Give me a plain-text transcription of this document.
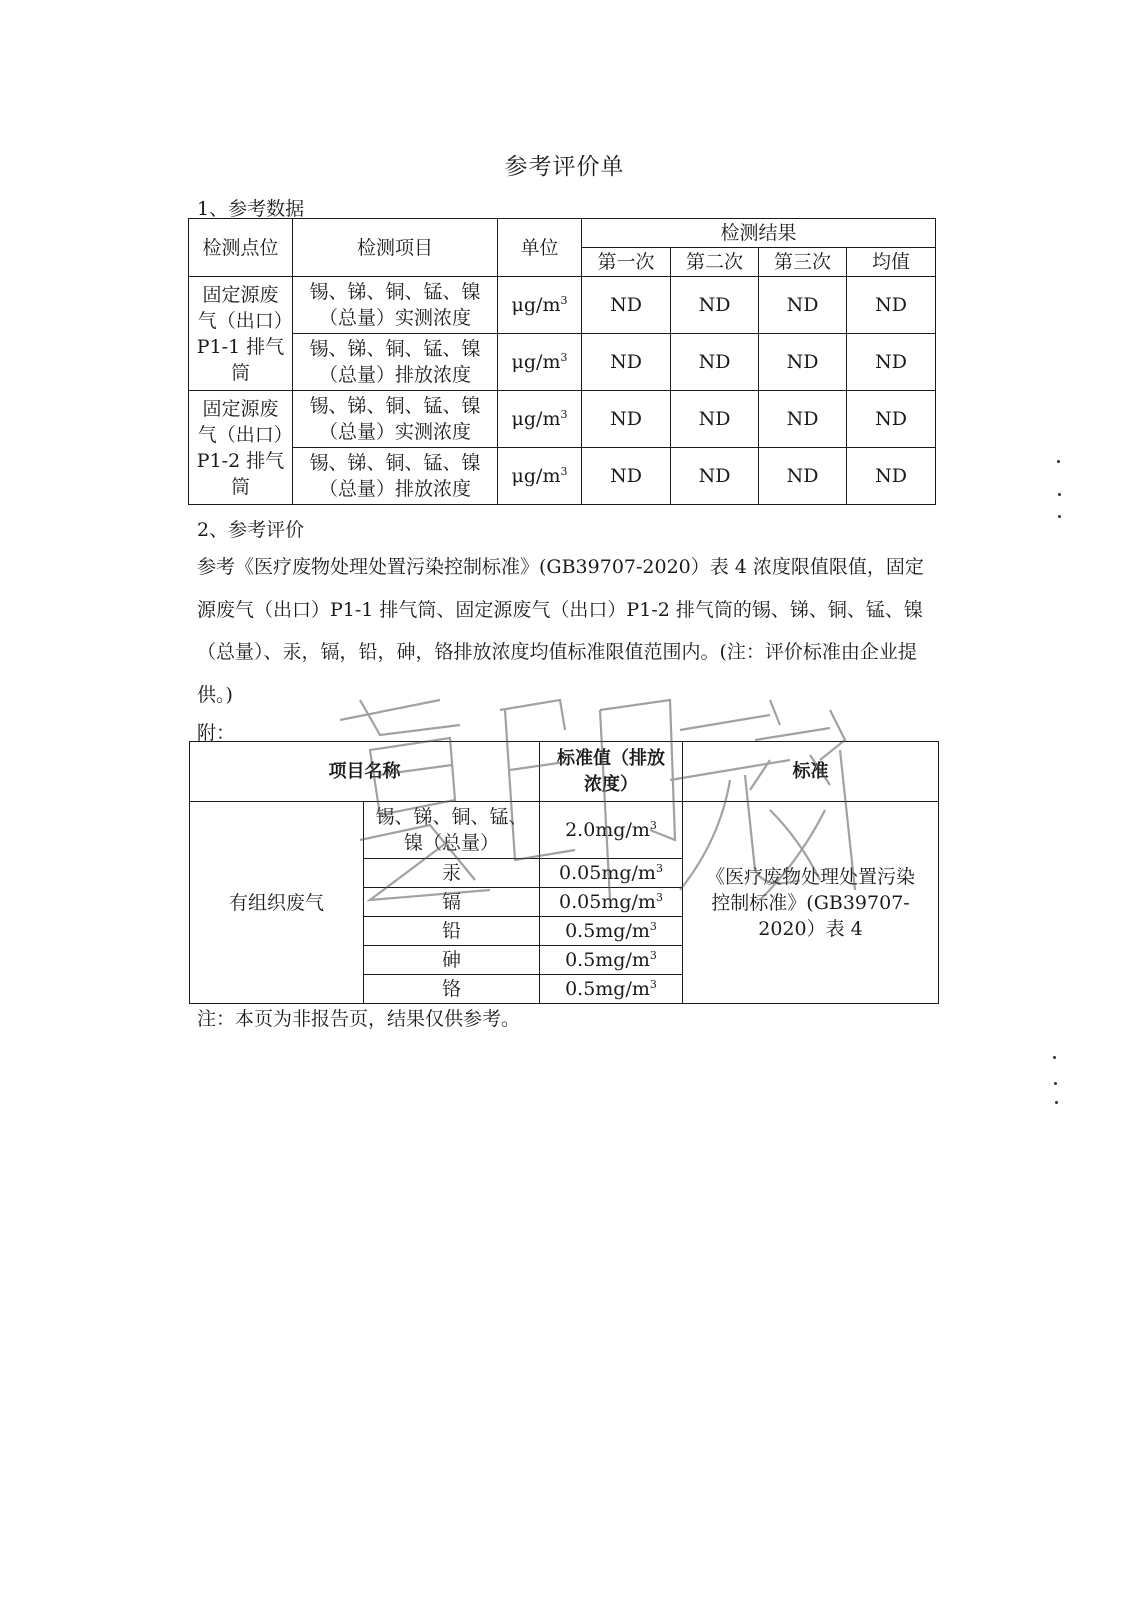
参考评价单
1、参考数据
检测点位	检测项目	单位	检测结果			
			第一次	第二次	第三次	均值
固定源废气（出口）P1-1 排气筒	锡、锑、铜、锰、镍（总量）实测浓度	$\mu g/m^3$	ND	ND	ND	ND
	锡、锑、铜、锰、镍（总量）排放浓度	$\mu g/m^3$	ND	ND	ND	ND
固定源废气（出口）P1-2 排气筒	锡、锑、铜、锰、镍（总量）实测浓度	$\mu g/m^3$	ND	ND	ND	ND
	锡、锑、铜、锰、镍（总量）排放浓度	$\mu g/m^3$	ND	ND	ND	ND
2、参考评价
参考《医疗废物处理处置污染控制标准》(GB39707-2020）表 4 浓度限值限值，固定源废气（出口）P1-1 排气筒、固定源废气（出口）P1-2 排气筒的锡、锑、铜、锰、镍（总量）、汞，镉，铅，砷，铬排放浓度均值标准限值范围内。(注：评价标准由企业提供。)
附：
项目名称		标准值（排放浓度）	标准
有组织废气	锡、锑、铜、锰、镍（总量）	$2.0mg/m^3$	《医疗废物处理处置污染控制标准》(GB39707-2020）表 4
	汞	$0.05mg/m^3$
	镉	$0.05mg/m^3$
	铅	$0.5mg/m^3$
	砷	$0.5mg/m^3$
	铬	$0.5mg/m^3$
注：本页为非报告页，结果仅供参考。
